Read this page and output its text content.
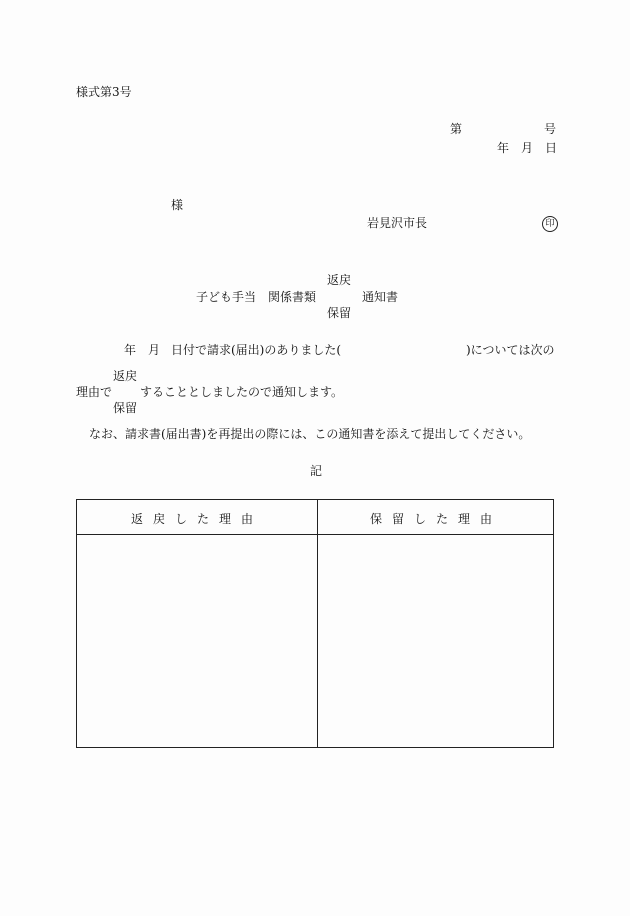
様式第3号
第	号
年 月 日
様
岩見沢市長	印
返戻
子ども手当　関係書類	通知書
保留
年 月 日付で請求(届出)のありました(	)については次の
返戻
理由で することとしましたので通知します。
保留
なお、請求書(届出書)を再提出の際には、この通知書を添えて提出してください。
記
返戻した理由	保留した理由
